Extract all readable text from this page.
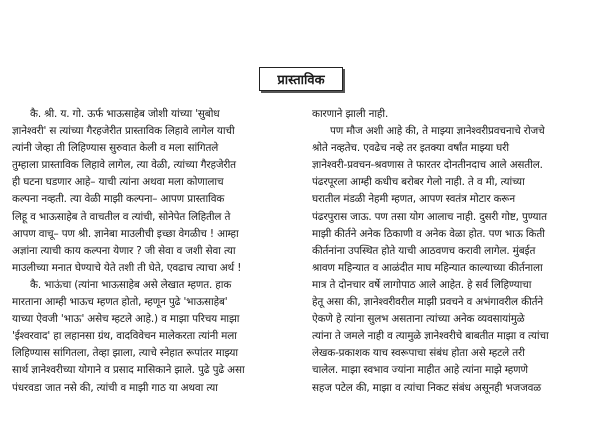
प्रास्ताविक
कै. श्री. य. गो. ऊर्फ भाऊसाहेब जोशी यांच्या 'सुबोध
ज्ञानेश्वरी' स त्यांच्या गैरहजेरीत प्रास्ताविक लिहावे लागेल याची
त्यांनी जेव्हा ती लिहिण्यास सुरुवात केली व मला सांगितले
तुम्हाला प्रास्ताविक लिहावे लागेल, त्या वेळी, त्यांच्या गैरहजेरीत
ही घटना घडणार आहे– याची त्यांना अथवा मला कोणालाच
कल्पना नव्हती. त्या वेळी माझी कल्पना– आपण प्रास्ताविक
लिहू व भाऊसाहेब ते वाचतील व त्यांची, सोनेपेत लिहितील ते
आपण वाचू– पण श्री. ज्ञानेबा माउलीची इच्छा वेगळीच ! आम्हा
अज्ञांना त्याची काय कल्पना येणार ? जी सेवा व जशी सेवा त्या
माउलीच्या मनात घेण्याचे येते तशी ती घेते, एवढाच त्याचा अर्थ !
कै. भाऊंचा (त्यांना भाऊसाहेब असे लेखात म्हणत. हाक
मारताना आम्ही भाऊच म्हणत होतो, म्हणून पुढे 'भाऊसाहेब'
याच्या ऐवजी 'भाऊ' असेच म्हटले आहे.) व माझा परिचय माझा
'ईश्वरवाद' हा लहानसा ग्रंथ, वादविवेचन मालेकरता त्यांनी मला
लिहिण्यास सांगितला, तेव्हा झाला, त्याचे स्नेहात रूपांतर माझ्या
सार्थ ज्ञानेश्वरीच्या योगाने व प्रसाद मासिकाने झाले. पुढे पुढे असा
पंधरवडा जात नसे की, त्यांची व माझी गाठ या अथवा त्या
कारणाने झाली नाही.
पण मौज अशी आहे की, ते माझ्या ज्ञानेश्वरीप्रवचनाचे रोजचे
श्रोते नव्हतेच. एवढेच नव्हे तर इतक्या वर्षांत माझ्या घरी
ज्ञानेश्वरी-प्रवचन-श्रवणास ते फारतर दोनतीनदाच आले असतील.
पंढरपूरला आम्ही कधीच बरोबर गेलो नाही. ते व मी, त्यांच्या
घरातील मंडळी नेहमी म्हणत, आपण स्वतंत्र मोटार करून
पंढरपुरास जाऊ. पण तसा योग आलाच नाही. दुसरी गोष्ट, पुण्यात
माझी कीर्तने अनेक ठिकाणी व अनेक वेळा होत. पण भाऊ किती
कीर्तनांना उपस्थित होते याची आठवणच करावी लागेल. मुंबईत
श्रावण महिन्यात व आळंदीत माघ महिन्यात काल्याच्या कीर्तनाला
मात्र ते दोनचार वर्षे लागोपाठ आले आहेत. हे सर्व लिहिण्याचा
हेतू असा की, ज्ञानेश्वरीवरील माझी प्रवचने व अभंगावरील कीर्तने
ऐकणे हे त्यांना सुलभ असताना त्यांच्या अनेक व्यवसायांमुळे
त्यांना ते जमले नाही व त्यामुळे ज्ञानेश्वरीचे बाबतीत माझा व त्यांचा
लेखक-प्रकाशक याच स्वरूपाचा संबंध होता असे म्हटले तरी
चालेल. माझा स्वभाव ज्यांना माहीत आहे त्यांना माझे म्हणणे
सहज पटेल की, माझा व त्यांचा निकट संबंध असूनही भजजवळ
